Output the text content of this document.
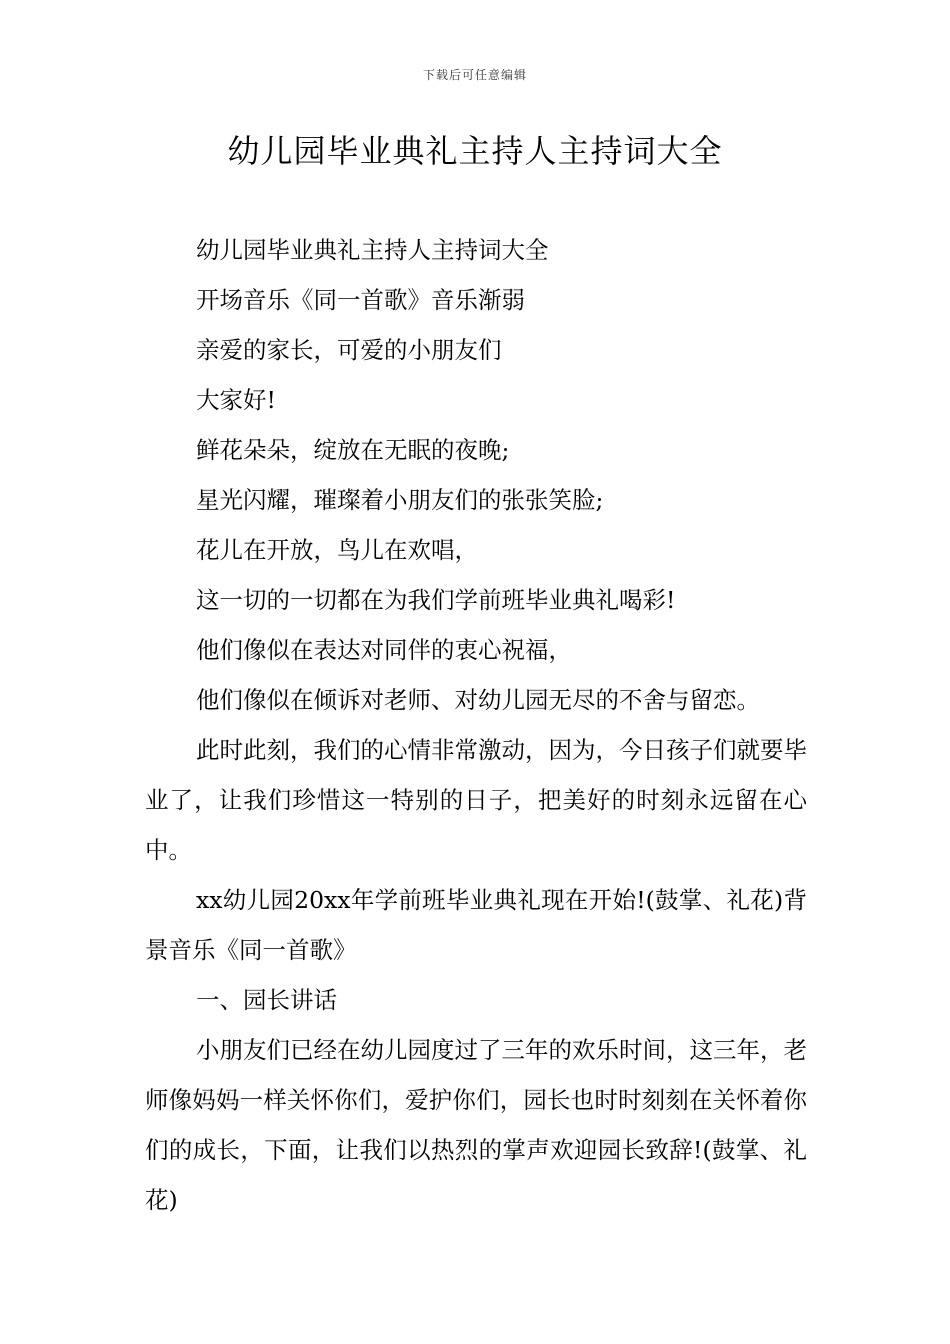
下载后可任意编辑
幼儿园毕业典礼主持人主持词大全

幼儿园毕业典礼主持人主持词大全

开场音乐《同一首歌》音乐渐弱

亲爱的家长，可爱的小朋友们

大家好!

鲜花朵朵，绽放在无眠的夜晚;

星光闪耀，璀璨着小朋友们的张张笑脸;

花儿在开放，鸟儿在欢唱，

这一切的一切都在为我们学前班毕业典礼喝彩!

他们像似在表达对同伴的衷心祝福，

他们像似在倾诉对老师、对幼儿园无尽的不舍与留恋。

此时此刻，我们的心情非常激动，因为，今日孩子们就要毕业了，让我们珍惜这一特别的日子，把美好的时刻永远留在心中。

xx幼儿园20xx年学前班毕业典礼现在开始!(鼓掌、礼花)背景音乐《同一首歌》

一、园长讲话

小朋友们已经在幼儿园度过了三年的欢乐时间，这三年，老师像妈妈一样关怀你们，爱护你们，园长也时时刻刻在关怀着你们的成长，下面，让我们以热烈的掌声欢迎园长致辞!(鼓掌、礼花)
